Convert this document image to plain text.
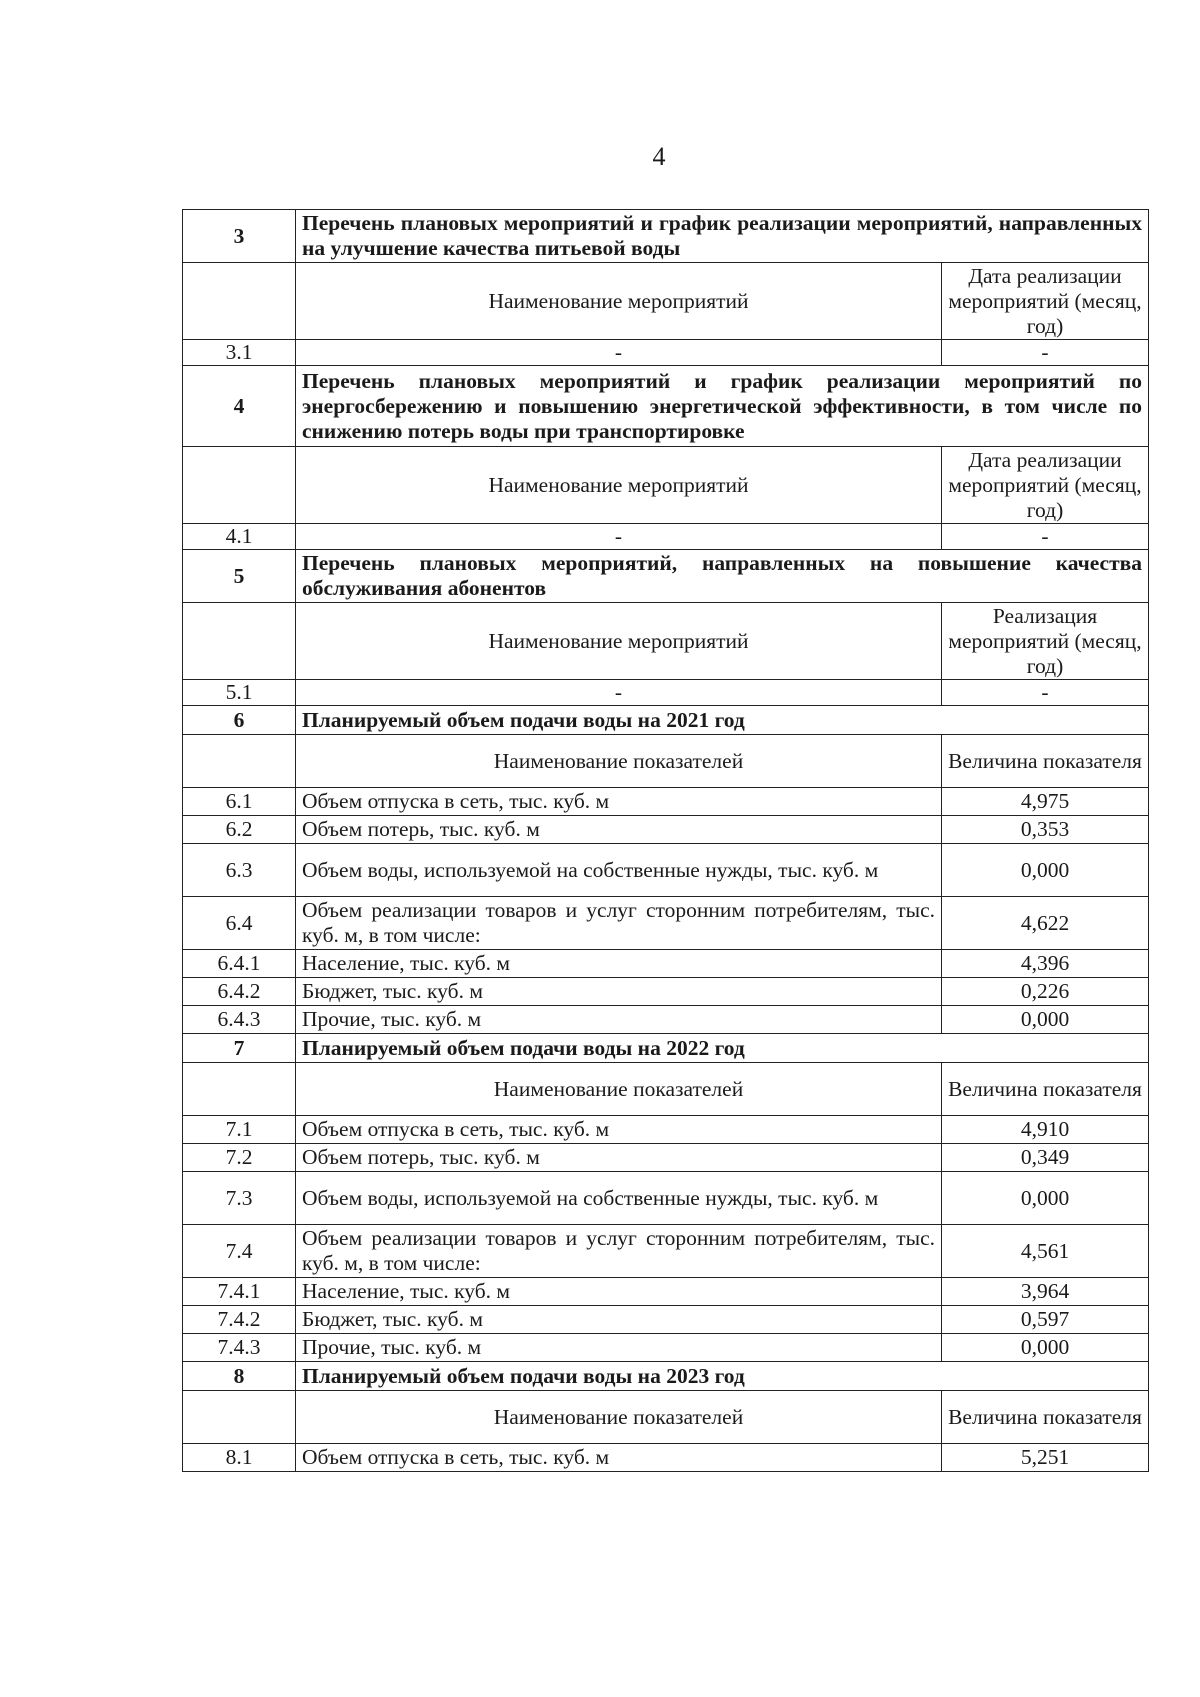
4
3	Перечень плановых мероприятий и график реализации мероприятий, направленных на улучшение качества питьевой воды	
	Наименование мероприятий	Дата реализации мероприятий (месяц, год)
3.1	-	-
4	Перечень плановых мероприятий и график реализации мероприятий по энергосбережению и повышению энергетической эффективности, в том числе по снижению потерь воды при транспортировке	
	Наименование мероприятий	Дата реализации мероприятий (месяц, год)
4.1	-	-
5	Перечень плановых мероприятий, направленных на повышение качества обслуживания абонентов	
	Наименование мероприятий	Реализация мероприятий (месяц, год)
5.1	-	-
6	Планируемый объем подачи воды на 2021 год	
	Наименование показателей	Величина показателя
6.1	Объем отпуска в сеть, тыс. куб. м	4,975
6.2	Объем потерь, тыс. куб. м	0,353
6.3	Объем воды, используемой на собственные нужды, тыс. куб. м	0,000
6.4	Объем реализации товаров и услуг сторонним потребителям, тыс. куб. м, в том числе:	4,622
6.4.1	Население, тыс. куб. м	4,396
6.4.2	Бюджет, тыс. куб. м	0,226
6.4.3	Прочие, тыс. куб. м	0,000
7	Планируемый объем подачи воды на 2022 год	
	Наименование показателей	Величина показателя
7.1	Объем отпуска в сеть, тыс. куб. м	4,910
7.2	Объем потерь, тыс. куб. м	0,349
7.3	Объем воды, используемой на собственные нужды, тыс. куб. м	0,000
7.4	Объем реализации товаров и услуг сторонним потребителям, тыс. куб. м, в том числе:	4,561
7.4.1	Население, тыс. куб. м	3,964
7.4.2	Бюджет, тыс. куб. м	0,597
7.4.3	Прочие, тыс. куб. м	0,000
8	Планируемый объем подачи воды на 2023 год	
	Наименование показателей	Величина показателя
8.1	Объем отпуска в сеть, тыс. куб. м	5,251
